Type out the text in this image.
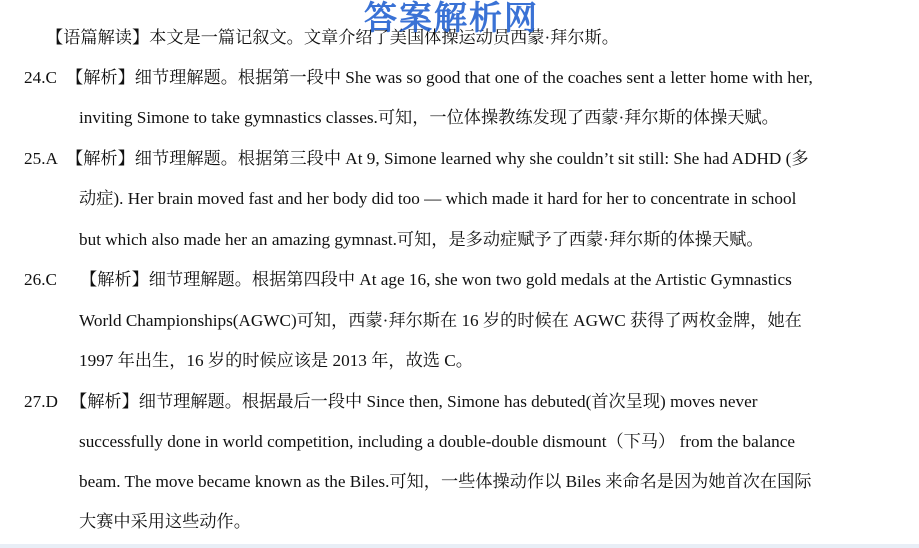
答案解析网
【语篇解读】本文是一篇记叙文。文章介绍了美国体操运动员西蒙·拜尔斯。
24.C 【解析】细节理解题。根据第一段中 She was so good that one of the coaches sent a letter home with her,
inviting Simone to take gymnastics classes.可知，一位体操教练发现了西蒙·拜尔斯的体操天赋。
25.A 【解析】细节理解题。根据第三段中 At 9, Simone learned why she couldn’t sit still: She had ADHD (多
动症). Her brain moved fast and her body did too — which made it hard for her to concentrate in school
but which also made her an amazing gymnast.可知，是多动症赋予了西蒙·拜尔斯的体操天赋。
26.C 【解析】细节理解题。根据第四段中 At age 16, she won two gold medals at the Artistic Gymnastics
World Championships(AGWC)可知，西蒙·拜尔斯在 16 岁的时候在 AGWC 获得了两枚金牌，她在
1997 年出生，16 岁的时候应该是 2013 年，故选 C。
27.D 【解析】细节理解题。根据最后一段中 Since then, Simone has debuted(首次呈现) moves never
successfully done in world competition, including a double-double dismount（下马） from the balance
beam. The move became known as the Biles.可知，一些体操动作以 Biles 来命名是因为她首次在国际
大赛中采用这些动作。
